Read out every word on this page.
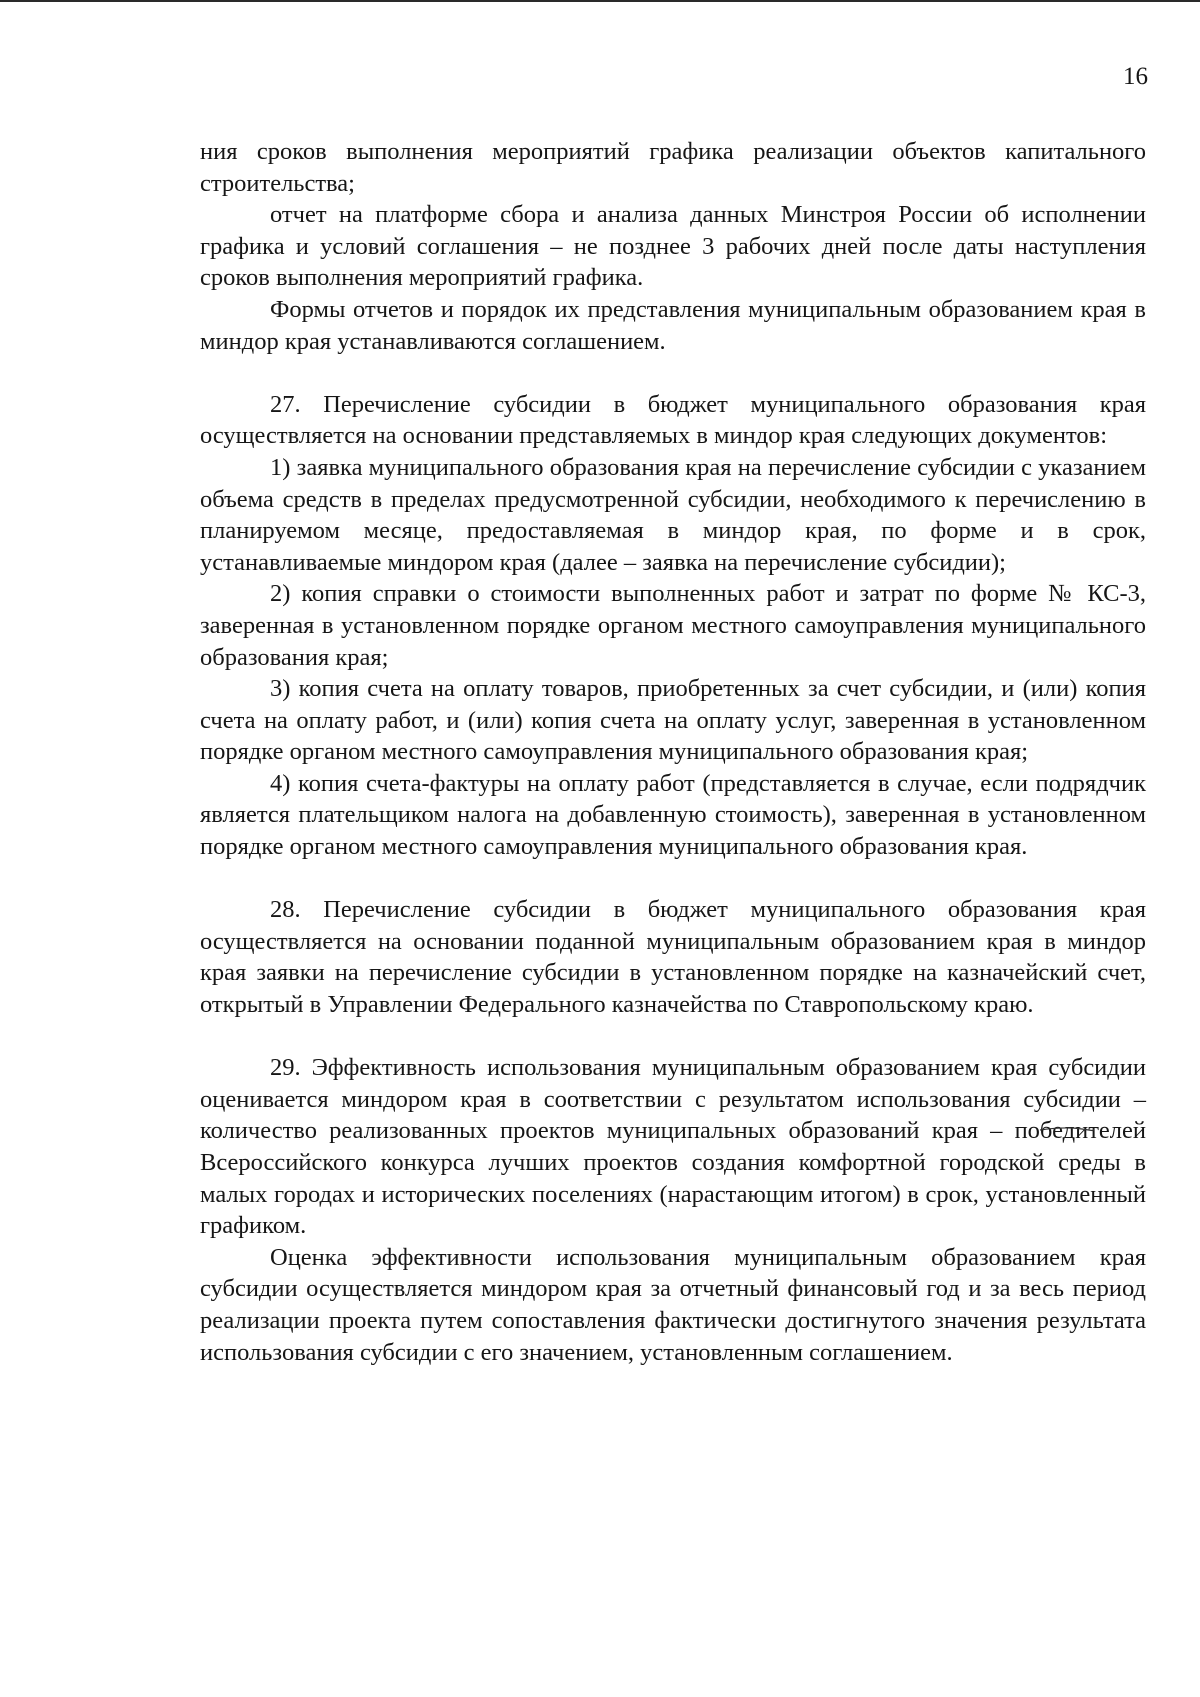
16

ния сроков выполнения мероприятий графика реализации объектов капитального строительства;

отчет на платформе сбора и анализа данных Минстроя России об исполнении графика и условий соглашения – не позднее 3 рабочих дней после даты наступления сроков выполнения мероприятий графика.

Формы отчетов и порядок их представления муниципальным образованием края в миндор края устанавливаются соглашением.

27. Перечисление субсидии в бюджет муниципального образования края осуществляется на основании представляемых в миндор края следующих документов:

1) заявка муниципального образования края на перечисление субсидии с указанием объема средств в пределах предусмотренной субсидии, необходимого к перечислению в планируемом месяце, предоставляемая в миндор края, по форме и в срок, устанавливаемые миндором края (далее – заявка на перечисление субсидии);

2) копия справки о стоимости выполненных работ и затрат по форме № КС-3, заверенная в установленном порядке органом местного самоуправления муниципального образования края;

3) копия счета на оплату товаров, приобретенных за счет субсидии, и (или) копия счета на оплату работ, и (или) копия счета на оплату услуг, заверенная в установленном порядке органом местного самоуправления муниципального образования края;

4) копия счета-фактуры на оплату работ (представляется в случае, если подрядчик является плательщиком налога на добавленную стоимость), заверенная в установленном порядке органом местного самоуправления муниципального образования края.

28. Перечисление субсидии в бюджет муниципального образования края осуществляется на основании поданной муниципальным образованием края в миндор края заявки на перечисление субсидии в установленном порядке на казначейский счет, открытый в Управлении Федерального казначейства по Ставропольскому краю.

29. Эффективность использования муниципальным образованием края субсидии оценивается миндором края в соответствии с результатом использования субсидии – количество реализованных проектов муниципальных образований края – победителей Всероссийского конкурса лучших проектов создания комфортной городской среды в малых городах и исторических поселениях (нарастающим итогом) в срок, установленный графиком.

Оценка эффективности использования муниципальным образованием края субсидии осуществляется миндором края за отчетный финансовый год и за весь период реализации проекта путем сопоставления фактически достигнутого значения результата использования субсидии с его значением, установленным соглашением.
